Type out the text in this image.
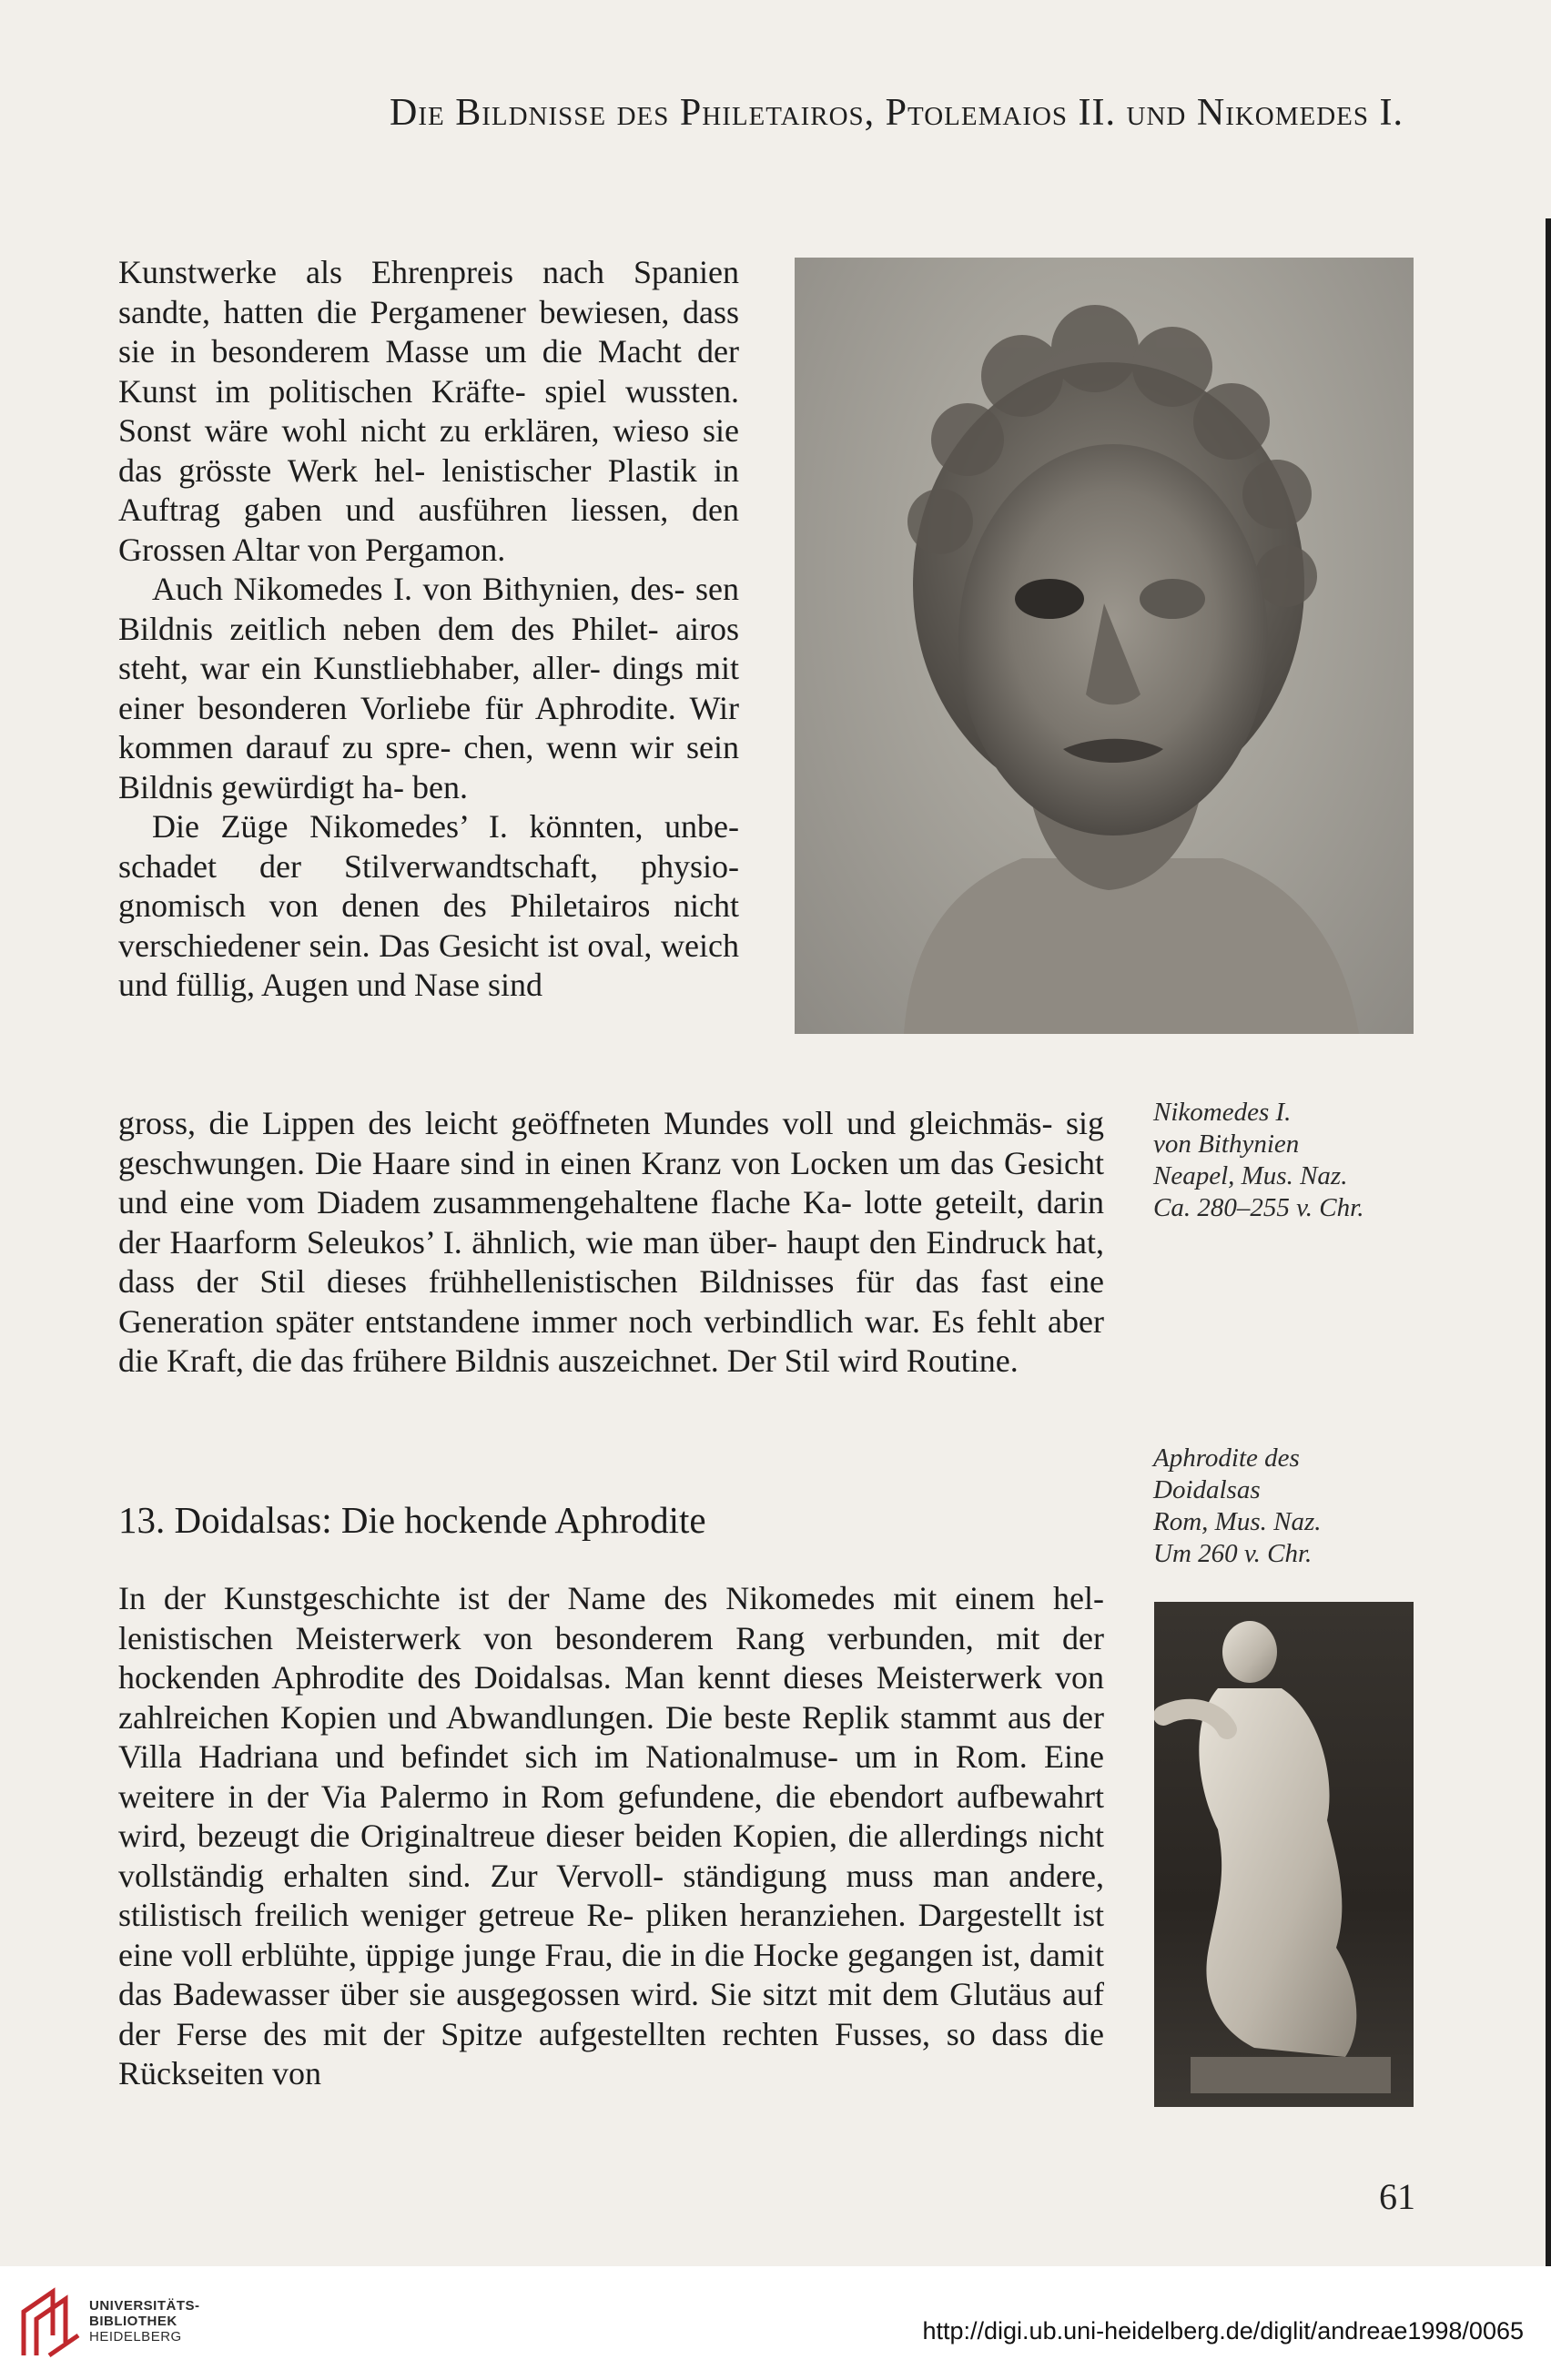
Die Bildnisse des Philetairos, Ptolemaios II. und Nikomedes I.

Kunstwerke als Ehrenpreis nach Spanien sandte, hatten die Pergamener bewiesen, dass sie in besonderem Masse um die Macht der Kunst im politischen Kräfte- spiel wussten. Sonst wäre wohl nicht zu erklären, wieso sie das grösste Werk hel- lenistischer Plastik in Auftrag gaben und ausführen liessen, den Grossen Altar von Pergamon.
Auch Nikomedes I. von Bithynien, des- sen Bildnis zeitlich neben dem des Philet- airos steht, war ein Kunstliebhaber, aller- dings mit einer besonderen Vorliebe für Aphrodite. Wir kommen darauf zu spre- chen, wenn wir sein Bildnis gewürdigt ha- ben.
Die Züge Nikomedes’ I. könnten, unbe- schadet der Stilverwandtschaft, physio- gnomisch von denen des Philetairos nicht verschiedener sein. Das Gesicht ist oval, weich und füllig, Augen und Nase sind

gross, die Lippen des leicht geöffneten Mundes voll und gleichmäs- sig geschwungen. Die Haare sind in einen Kranz von Locken um das Gesicht und eine vom Diadem zusammengehaltene flache Ka- lotte geteilt, darin der Haarform Seleukos’ I. ähnlich, wie man über- haupt den Eindruck hat, dass der Stil dieses frühhellenistischen Bildnisses für das fast eine Generation später entstandene immer noch verbindlich war. Es fehlt aber die Kraft, die das frühere Bildnis auszeichnet. Der Stil wird Routine.

13. Doidalsas: Die hockende Aphrodite

In der Kunstgeschichte ist der Name des Nikomedes mit einem hel- lenistischen Meisterwerk von besonderem Rang verbunden, mit der hockenden Aphrodite des Doidalsas. Man kennt dieses Meisterwerk von zahlreichen Kopien und Abwandlungen. Die beste Replik stammt aus der Villa Hadriana und befindet sich im Nationalmuse- um in Rom. Eine weitere in der Via Palermo in Rom gefundene, die ebendort aufbewahrt wird, bezeugt die Originaltreue dieser beiden Kopien, die allerdings nicht vollständig erhalten sind. Zur Vervoll- ständigung muss man andere, stilistisch freilich weniger getreue Re- pliken heranziehen. Dargestellt ist eine voll erblühte, üppige junge Frau, die in die Hocke gegangen ist, damit das Badewasser über sie ausgegossen wird. Sie sitzt mit dem Glutäus auf der Ferse des mit der Spitze aufgestellten rechten Fusses, so dass die Rückseiten von

Nikomedes I.
von Bithynien
Neapel, Mus. Naz.
Ca. 280–255 v. Chr.
Aphrodite des
Doidalsas
Rom, Mus. Naz.
Um 260 v. Chr.
61
UNIVERSITÄTS-
BIBLIOTHEK
HEIDELBERG	http://digi.ub.uni-heidelberg.de/diglit/andreae1998/0065
